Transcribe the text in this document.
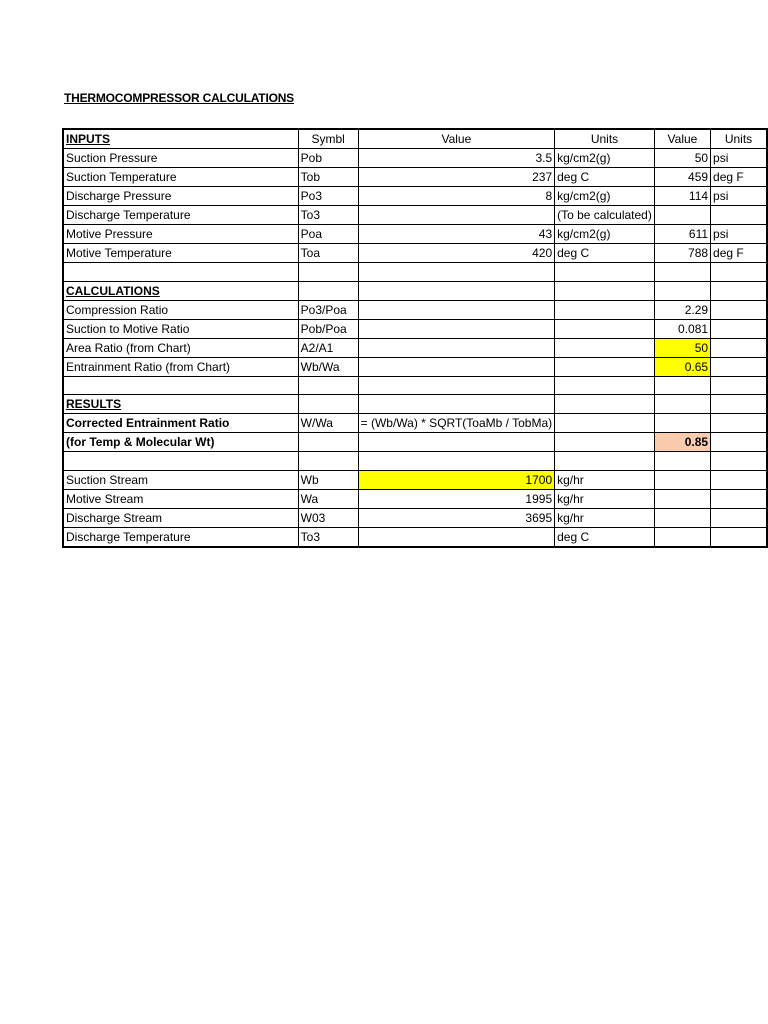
THERMOCOMPRESSOR CALCULATIONS
INPUTS	Symbl	Value	Units	Value	Units
Suction Pressure	Pob	3.5	kg/cm2(g)	50	psi
Suction Temperature	Tob	237	deg C	459	deg F
Discharge Pressure	Po3	8	kg/cm2(g)	114	psi
Discharge Temperature	To3		(To be calculated)		
Motive Pressure	Poa	43	kg/cm2(g)	611	psi
Motive Temperature	Toa	420	deg C	788	deg F

CALCULATIONS					
Compression Ratio	Po3/Poa			2.29	
Suction to Motive Ratio	Pob/Poa			0.081	
Area Ratio (from Chart)	A2/A1			50	
Entrainment Ratio (from Chart)	Wb/Wa			0.65	

RESULTS					
Corrected Entrainment Ratio	W/Wa	= (Wb/Wa) * SQRT(ToaMb / TobMa)			
(for Temp & Molecular Wt)				0.85	

Suction Stream	Wb	1700	kg/hr		
Motive Stream	Wa	1995	kg/hr		
Discharge Stream	W03	3695	kg/hr		
Discharge Temperature	To3		deg C		
